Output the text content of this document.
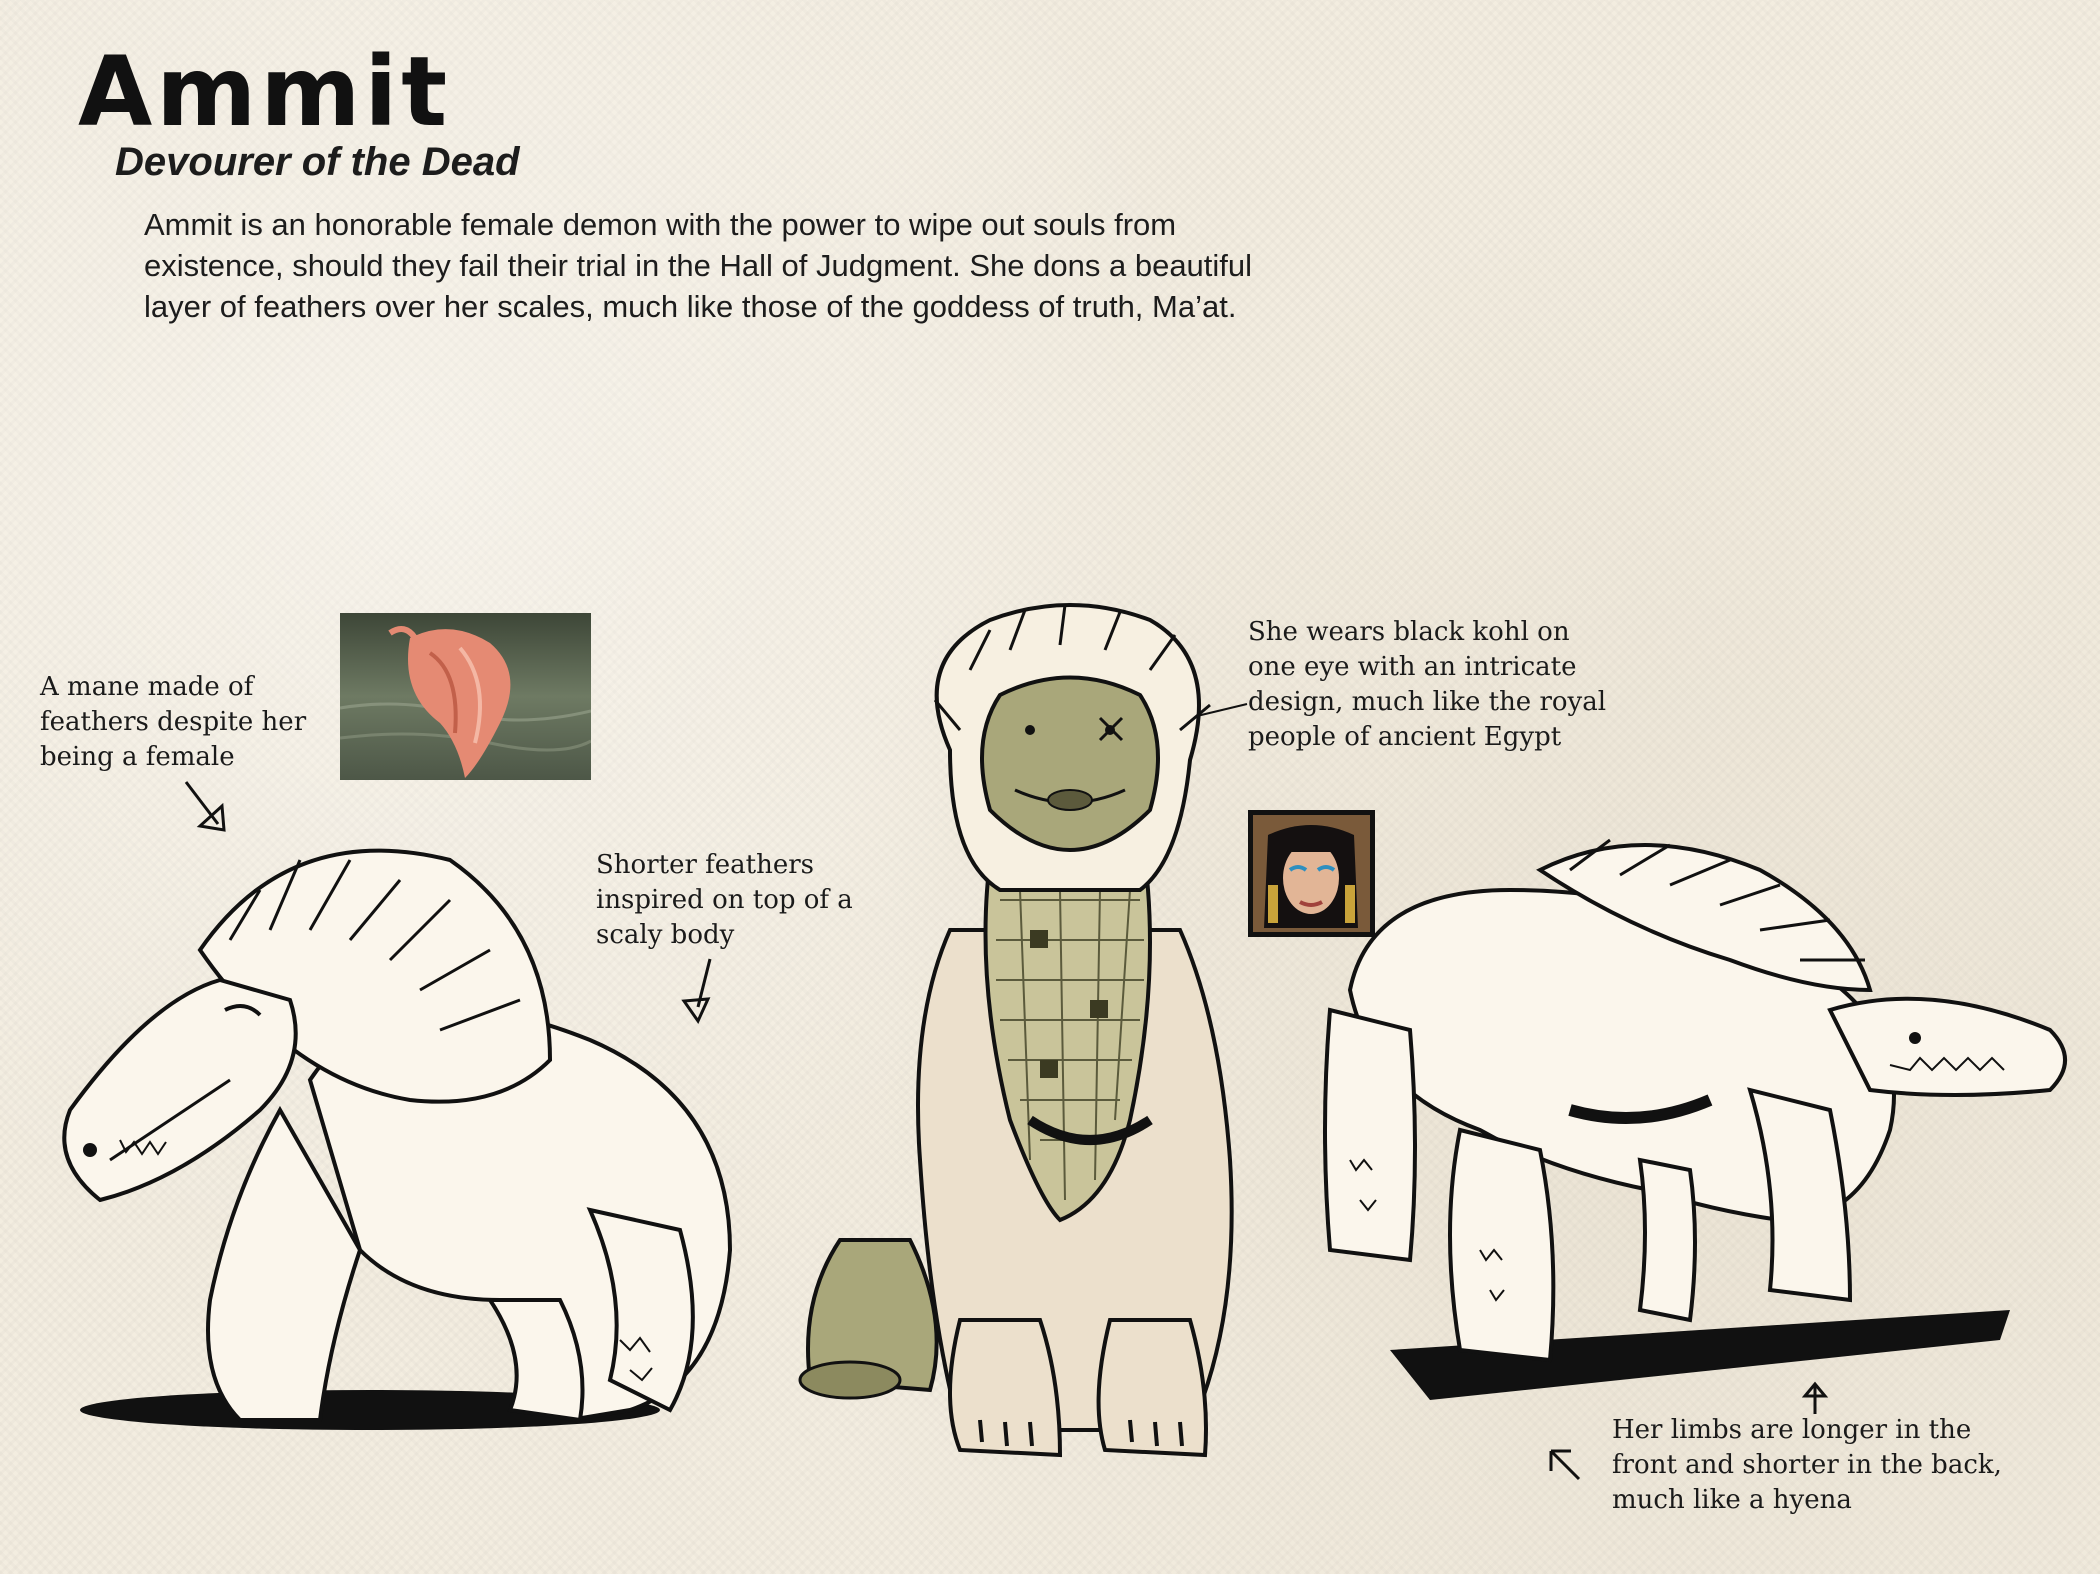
Ammit
Devourer of the Dead

Ammit is an honorable female demon with the power to wipe out souls from existence, should they fail their trial in the Hall of Judgment. She dons a beautiful layer of feathers over her scales, much like those of the goddess of truth, Ma’at.

A mane made of feathers despite her being a female

Shorter feathers inspired on top of a scaly body

She wears black kohl on one eye with an intricate design, much like the royal people of ancient Egypt

Her limbs are longer in the front and shorter in the back, much like a hyena
